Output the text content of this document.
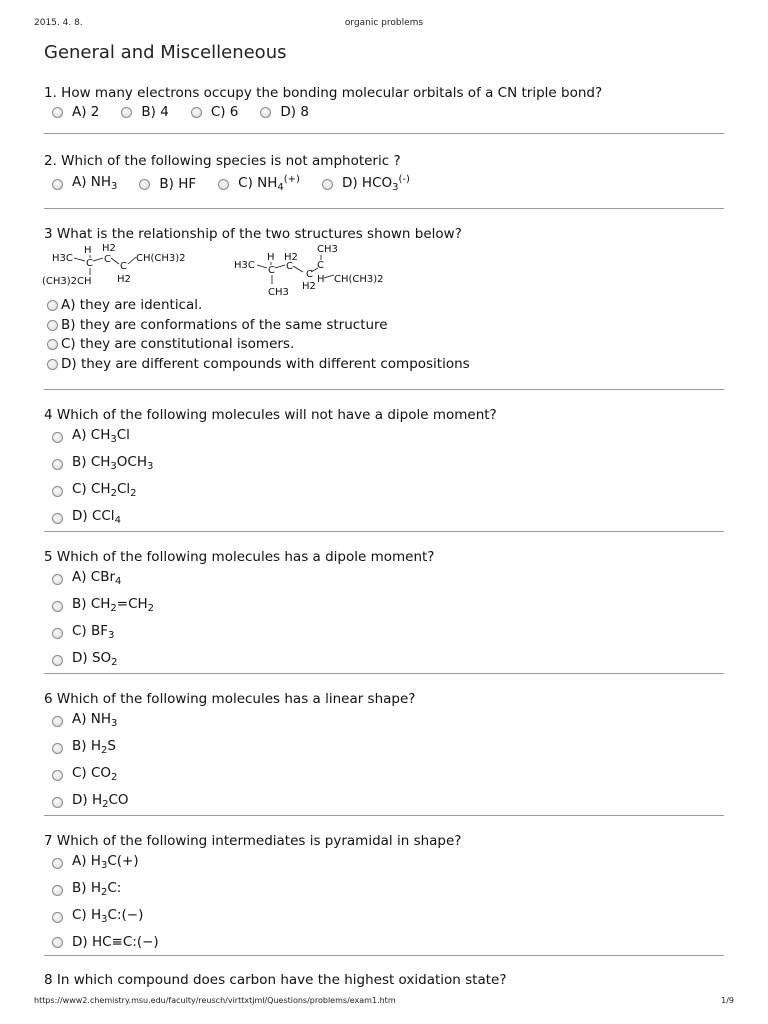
2015. 4. 8.	organic problems
General and Miscelleneous
1. How many electrons occupy the bonding molecular orbitals of a CN triple bond?
A) 2	B) 4	C) 6	D) 8
2. Which of the following species is not amphoteric ?
A) $NH_3$	B) HF	C) $NH_4^{(+)}$	D) $HCO_3^{(-)}$
3 What is the relationship of the two structures shown below?
H3C
H H2
C C
C
CH(CH3)2
(CH3)2CH	H2
H3C
H H2
CH3
C C C
C H
H2
CH(CH3)2
CH3
A) they are identical.
B) they are conformations of the same structure
C) they are constitutional isomers.
D) they are different compounds with different compositions
4 Which of the following molecules will not have a dipole moment?
A) $CH_3Cl$
B) $CH_3OCH_3$
C) $CH_2Cl_2$
D) CCl$_4$
5 Which of the following molecules has a dipole moment?
A) CBr$_4$
B) $CH_2=CH_2$
C) $BF_3$
D) $SO_2$
6 Which of the following molecules has a linear shape?
A) $NH_3$
B) $H_2S$
C) $CO_2$
D) $H_2CO$
7 Which of the following intermediates is pyramidal in shape?
A) $H_3C(+)$
B) $H_2C$:
C) $H_3C:(-)$
D) HC≡C:(−)
8 In which compound does carbon have the highest oxidation state?
https://www2.chemistry.msu.edu/faculty/reusch/virttxtjml/Questions/problems/exam1.htm	1/9
